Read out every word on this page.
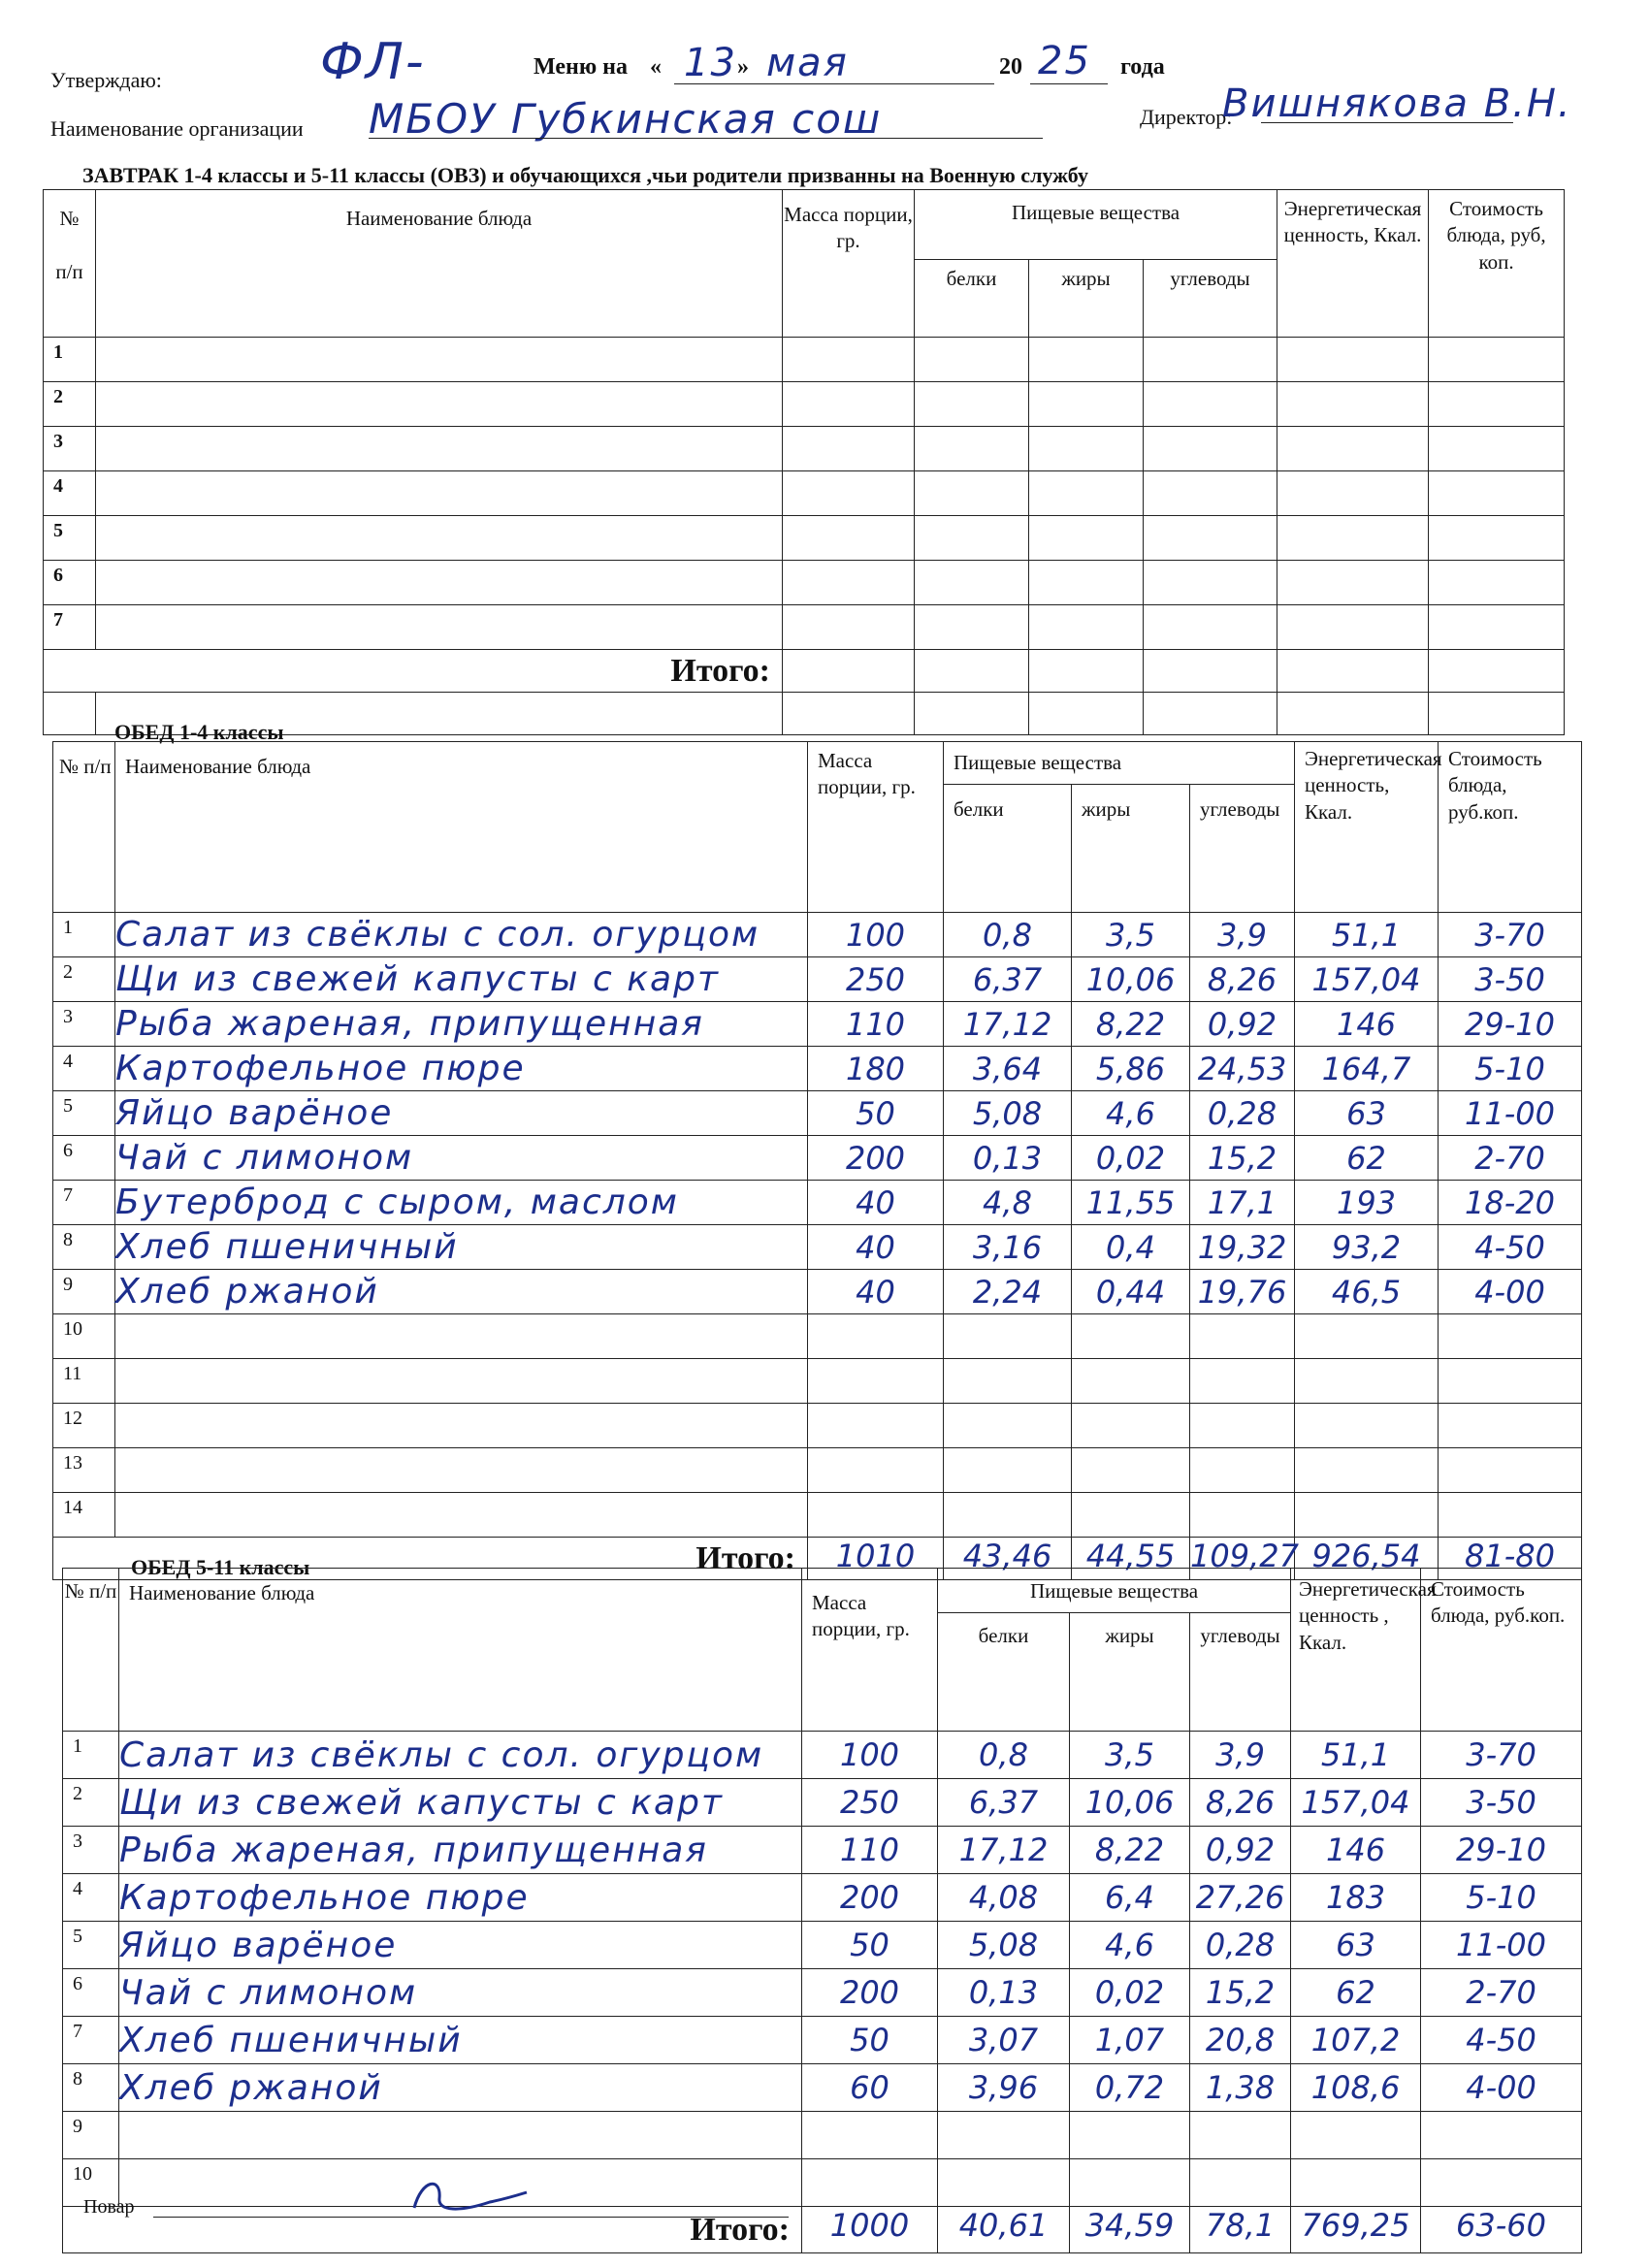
Утверждаю:	ФЛ-	Меню на « 13 » мая	20 25 года
Наименование организации МБОУ Губкинская сош	Директор:
Вишнякова В.Н.
ЗАВТРАК 1-4 классы и 5-11 классы (ОВЗ) и обучающихся ,чьи родители призванны на Военную службу
№

п/п	Наименование блюда	Масса порции, гр.	Пищевые вещества			Энергетическая ценность, Ккал.	Стоимость блюда, руб, коп.
			белки	жиры	углеводы		
1							
2							
3							
4							
5							
6							
7							
Итого:							

ОБЕД 1-4 классы
№ п/п	Наименование блюда	Масса порции, гр.	Пищевые вещества			Энергетическая ценность, Ккал.	Стоимость блюда, руб.коп.
			белки	жиры	углеводы		
1	Салат из свёклы с сол. огурцом	100	0,8	3,5	3,9	51,1	3-70
2	Щи из свежей капусты с карт	250	6,37	10,06	8,26	157,04	3-50
3	Рыба жареная, припущенная	110	17,12	8,22	0,92	146	29-10
4	Картофельное пюре	180	3,64	5,86	24,53	164,7	5-10
5	Яйцо варёное	50	5,08	4,6	0,28	63	11-00
6	Чай с лимоном	200	0,13	0,02	15,2	62	2-70
7	Бутерброд с сыром, маслом	40	4,8	11,55	17,1	193	18-20
8	Хлеб пшеничный	40	3,16	0,4	19,32	93,2	4-50
9	Хлеб ржаной	40	2,24	0,44	19,76	46,5	4-00
10							
11							
12							
13							
14							
Итого:		1010	43,46	44,55	109,27	926,54	81-80
ОБЕД 5-11 классы
№ п/п	Наименование блюда	Масса порции, гр.	Пищевые вещества			Энергетическая ценность , Ккал.	Стоимость блюда, руб.коп.
			белки	жиры	углеводы		
1	Салат из свёклы с сол. огурцом	100	0,8	3,5	3,9	51,1	3-70
2	Щи из свежей капусты с карт	250	6,37	10,06	8,26	157,04	3-50
3	Рыба жареная, припущенная	110	17,12	8,22	0,92	146	29-10
4	Картофельное пюре	200	4,08	6,4	27,26	183	5-10
5	Яйцо варёное	50	5,08	4,6	0,28	63	11-00
6	Чай с лимоном	200	0,13	0,02	15,2	62	2-70
7	Хлеб пшеничный	50	3,07	1,07	20,8	107,2	4-50
8	Хлеб ржаной	60	3,96	0,72	1,38	108,6	4-00
9							
10							
Итого:		1000	40,61	34,59	78,1	769,25	63-60
Повар
